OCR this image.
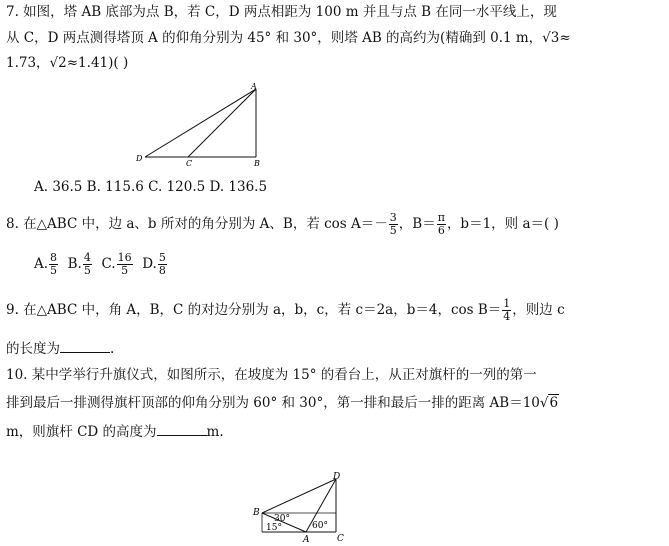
7. 如图，塔 AB 底部为点 B，若 C，D 两点相距为 100 m 并且与点 B 在同一水平线上，现
从 C，D 两点测得塔顶 A 的仰角分别为 45° 和 30°，则塔 AB 的高约为(精确到 0.1 m，√3≈
1.73，√2≈1.41)( )
A
B
C
D
A. 36.5 B. 115.6 C. 120.5 D. 136.5
8. 在△ABC 中，边 a、b 所对的角分别为 A、B，若 $\cos A=- \frac{3}{5}$ ，$B= \frac{\pi}{6}$ ，b＝1，则 a＝( )
A. $\frac{8}{5} B$. $\frac{4}{5} C$. $\frac{16}{5} D$. $\frac{5}{8}$
9. 在△ABC 中，角 A，B，C 的对边分别为 a，b，c，若 c＝2a，b＝4，$\cos B= \frac{1}{4}$ ，则边 c
的长度为	.
10. 某中学举行升旗仪式，如图所示，在坡度为 15° 的看台上，从正对旗杆的一列的第一
排到最后一排测得旗杆顶部的仰角分别为 60° 和 30°，第一排和最后一排的距离 AB＝10√6
m，则旗杆 CD 的高度为	m.
D
B
A	C
30°
15°	60°
